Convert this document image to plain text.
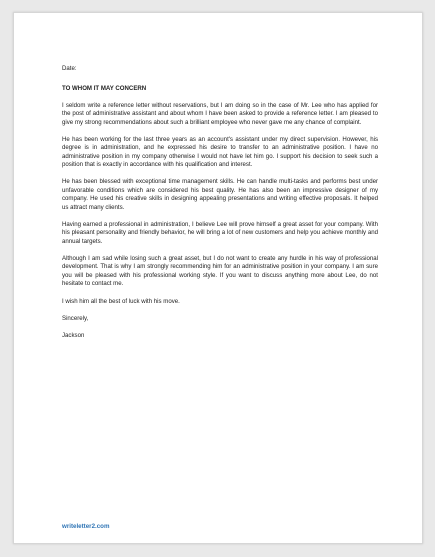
Date:

TO WHOM IT MAY CONCERN

I seldom write a reference letter without reservations, but I am doing so in the case of Mr. Lee who has applied for the post of administrative assistant and about whom I have been asked to provide a reference letter. I am pleased to give my strong recommendations about such a brilliant employee who never gave me any chance of complaint.

He has been working for the last three years as an account's assistant under my direct supervision. However, his degree is in administration, and he expressed his desire to transfer to an administrative position. I have no administrative position in my company otherwise I would not have let him go. I support his decision to seek such a position that is exactly in accordance with his qualification and interest.

He has been blessed with exceptional time management skills. He can handle multi-tasks and performs best under unfavorable conditions which are considered his best quality. He has also been an impressive designer of my company. He used his creative skills in designing appealing presentations and writing effective proposals. It helped us attract many clients.

Having earned a professional in administration, I believe Lee will prove himself a great asset for your company. With his pleasant personality and friendly behavior, he will bring a lot of new customers and help you achieve monthly and annual targets.

Although I am sad while losing such a great asset, but I do not want to create any hurdle in his way of professional development. That is why I am strongly recommending him for an administrative position in your company. I am sure you will be pleased with his professional working style. If you want to discuss anything more about Lee, do not hesitate to contact me.

I wish him all the best of luck with his move.

Sincerely,

Jackson

writeletter2.com
